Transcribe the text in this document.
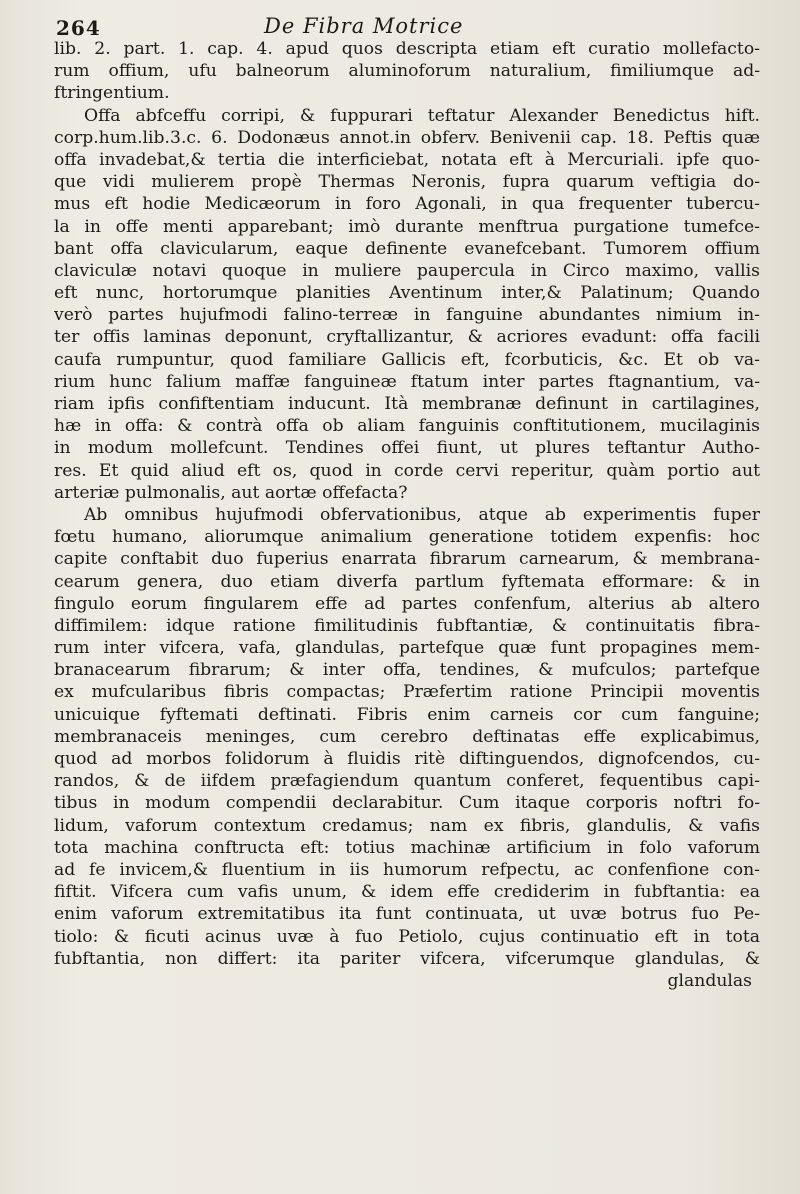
264	De Fibra Motrice
lib. 2. part. 1. cap. 4. apud quos descripta etiam eft curatio mollefacto-
rum offium, ufu balneorum aluminoforum naturalium, fimiliumque ad-
ftringentium.
Offa abfceffu corripi, & fuppurari teftatur Alexander Benedictus hift.
corp.hum.lib.3.c. 6. Dodonæus annot.in obferv. Benivenii cap. 18. Peftis quæ
offa invadebat,& tertia die interficiebat, notata eft à Mercuriali. ipfe quo-
que vidi mulierem propè Thermas Neronis, fupra quarum veftigia do-
mus eft hodie Medicæorum in foro Agonali, in qua frequenter tubercu-
la in offe menti apparebant; imò durante menftrua purgatione tumefce-
bant offa clavicularum, eaque definente evanefcebant. Tumorem offium
claviculæ notavi quoque in muliere paupercula in Circo maximo, vallis
eft nunc, hortorumque planities Aventinum inter,& Palatinum; Quando
verò partes hujufmodi falino-terreæ in fanguine abundantes nimium in-
ter offis laminas deponunt, cryftallizantur, & acriores evadunt: offa facili
caufa rumpuntur, quod familiare Gallicis eft, fcorbuticis, &c. Et ob va-
rium hunc falium maffæ fanguineæ ftatum inter partes ftagnantium, va-
riam ipfis confiftentiam inducunt. Ità membranæ definunt in cartilagines,
hæ in offa: & contrà offa ob aliam fanguinis conftitutionem, mucilaginis
in modum mollefcunt. Tendines offei fiunt, ut plures teftantur Autho-
res. Et quid aliud eft os, quod in corde cervi reperitur, quàm portio aut
arteriæ pulmonalis, aut aortæ offefacta?
Ab omnibus hujufmodi obfervationibus, atque ab experimentis fuper
fœtu humano, aliorumque animalium generatione totidem expenfis: hoc
capite conftabit duo fuperius enarrata fibrarum carnearum, & membrana-
cearum genera, duo etiam diverfa partlum fyftemata efformare: & in
fingulo eorum fingularem effe ad partes confenfum, alterius ab altero
diffimilem: idque ratione fimilitudinis fubftantiæ, & continuitatis fibra-
rum inter vifcera, vafa, glandulas, partefque quæ funt propagines mem-
branacearum fibrarum; & inter offa, tendines, & mufculos; partefque
ex mufcularibus fibris compactas; Præfertim ratione Principii moventis
unicuique fyftemati deftinati. Fibris enim carneis cor cum fanguine;
membranaceis meninges, cum cerebro deftinatas effe explicabimus,
quod ad morbos folidorum à fluidis ritè diftinguendos, dignofcendos, cu-
randos, & de iifdem præfagiendum quantum conferet, fequentibus capi-
tibus in modum compendii declarabitur. Cum itaque corporis noftri fo-
lidum, vaforum contextum credamus; nam ex fibris, glandulis, & vafis
tota machina conftructa eft: totius machinæ artificium in folo vaforum
ad fe invicem,& fluentium in iis humorum refpectu, ac confenfione con-
fiftit. Vifcera cum vafis unum, & idem effe crediderim in fubftantia: ea
enim vaforum extremitatibus ita funt continuata, ut uvæ botrus fuo Pe-
tiolo: & ficuti acinus uvæ à fuo Petiolo, cujus continuatio eft in tota
fubftantia, non differt: ita pariter vifcera, vifcerumque glandulas, &
glandulas
